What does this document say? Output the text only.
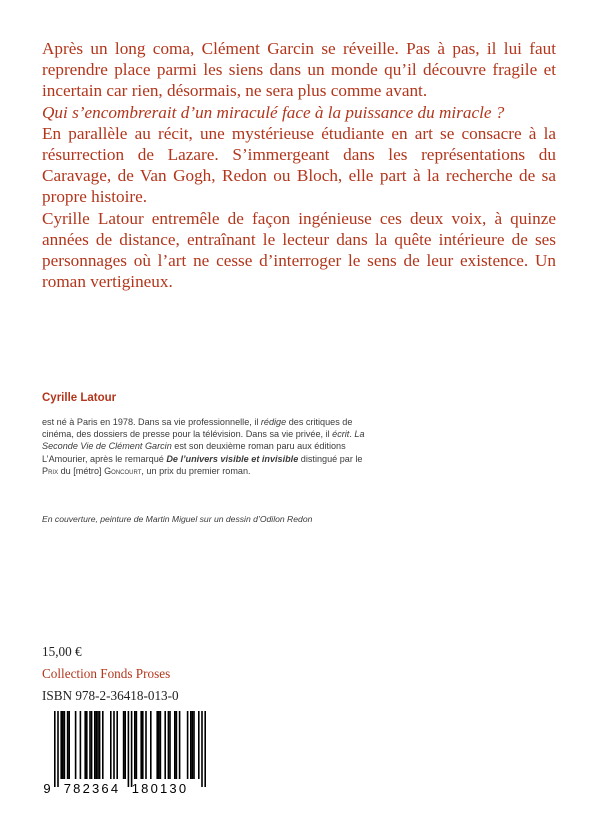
Après un long coma, Clément Garcin se réveille. Pas à pas, il lui faut reprendre place parmi les siens dans un monde qu’il découvre fragile et incertain car rien, désormais, ne sera plus comme avant.

Qui s’encombrerait d’un miraculé face à la puissance du miracle ?

En parallèle au récit, une mystérieuse étudiante en art se consacre à la résurrection de Lazare. S’immergeant dans les représentations du Caravage, de Van Gogh, Redon ou Bloch, elle part à la recherche de sa propre histoire.

Cyrille Latour entremêle de façon ingénieuse ces deux voix, à quinze années de distance, entraînant le lecteur dans la quête intérieure de ses personnages où l’art ne cesse d’interroger le sens de leur existence. Un roman vertigineux.

Cyrille Latour
est né à Paris en 1978. Dans sa vie professionnelle, il rédige des critiques de cinéma, des dossiers de presse pour la télévision. Dans sa vie privée, il écrit. La Seconde Vie de Clément Garcin est son deuxième roman paru aux éditions L’Amourier, après le remarqué De l’univers visible et invisible distingué par le Prix du [métro] Goncourt, un prix du premier roman.
En couverture, peinture de Martin Miguel sur un dessin d’Odilon Redon
15,00 €
Collection Fonds Proses
ISBN 978-2-36418-013-0
9 782364 180130
